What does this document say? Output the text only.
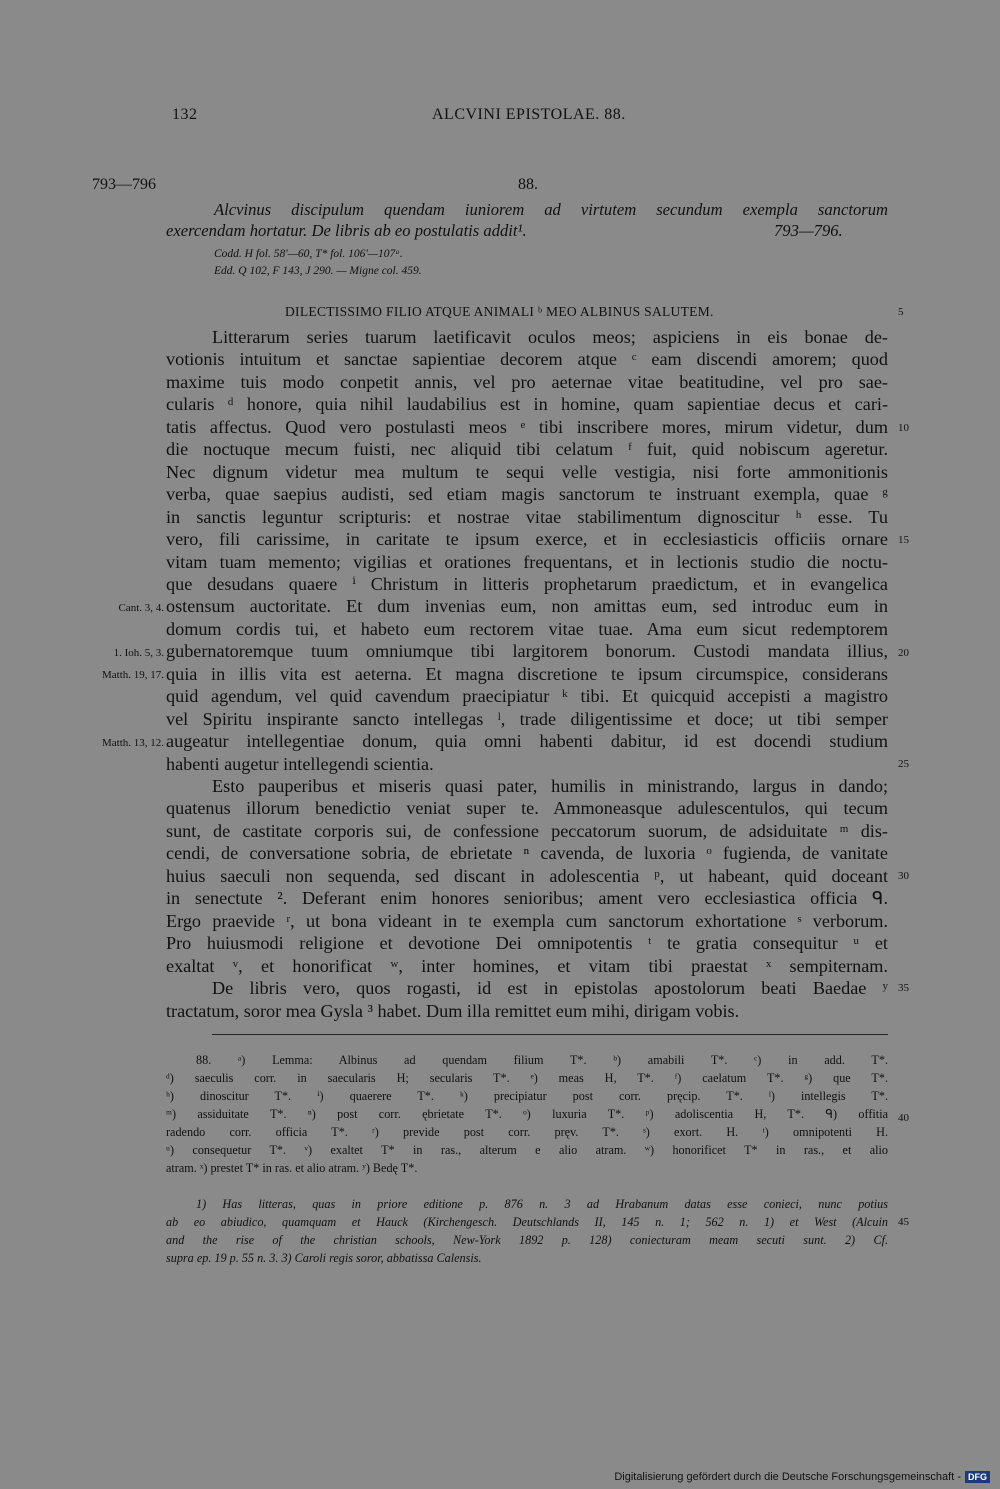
132	ALCVINI EPISTOLAE. 88.
793—796	88.
Alcvinus discipulum quendam iuniorem ad virtutem secundum exempla sanctorum
exercendam hortatur. De libris ab eo postulatis addit¹.	793—796.
Codd. H fol. 58'—60, T* fol. 106'—107ᵃ.
Edd. Q 102, F 143, J 290. — Migne col. 459.
DILECTISSIMO FILIO ATQUE ANIMALI ᵇ MEO ALBINUS SALUTEM.
Litterarum series tuarum laetificavit oculos meos; aspiciens in eis bonae de-
votionis intuitum et sanctae sapientiae decorem atque ᶜ eam discendi amorem; quod
maxime tuis modo conpetit annis, vel pro aeternae vitae beatitudine, vel pro sae-
cularis ᵈ honore, quia nihil laudabilius est in homine, quam sapientiae decus et cari-
tatis affectus. Quod vero postulasti meos ᵉ tibi inscribere mores, mirum videtur, dum
die noctuque mecum fuisti, nec aliquid tibi celatum ᶠ fuit, quid nobiscum ageretur.
Nec dignum videtur mea multum te sequi velle vestigia, nisi forte ammonitionis
verba, quae saepius audisti, sed etiam magis sanctorum te instruant exempla, quae ᵍ
in sanctis leguntur scripturis: et nostrae vitae stabilimentum dignoscitur ʰ esse. Tu
vero, fili carissime, in caritate te ipsum exerce, et in ecclesiasticis officiis ornare
vitam tuam memento; vigilias et orationes frequentans, et in lectionis studio die noctu-
que desudans quaere ⁱ Christum in litteris prophetarum praedictum, et in evangelica
ostensum auctoritate. Et dum invenias eum, non amittas eum, sed introduc eum in
domum cordis tui, et habeto eum rectorem vitae tuae. Ama eum sicut redemptorem
gubernatoremque tuum omniumque tibi largitorem bonorum. Custodi mandata illius,
quia in illis vita est aeterna. Et magna discretione te ipsum circumspice, considerans
quid agendum, vel quid cavendum praecipiatur ᵏ tibi. Et quicquid accepisti a magistro
vel Spiritu inspirante sancto intellegas ˡ, trade diligentissime et doce; ut tibi semper
augeatur intellegentiae donum, quia omni habenti dabitur, id est docendi studium
habenti augetur intellegendi scientia.
Esto pauperibus et miseris quasi pater, humilis in ministrando, largus in dando;
quatenus illorum benedictio veniat super te. Ammoneasque adulescentulos, qui tecum
sunt, de castitate corporis sui, de confessione peccatorum suorum, de adsiduitate ᵐ dis-
cendi, de conversatione sobria, de ebrietate ⁿ cavenda, de luxoria ᵒ fugienda, de vanitate
huius saeculi non sequenda, sed discant in adolescentia ᵖ, ut habeant, quid doceant
in senectute ². Deferant enim honores senioribus; ament vero ecclesiastica officia ᑫ.
Ergo praevide ʳ, ut bona videant in te exempla cum sanctorum exhortatione ˢ verborum.
Pro huiusmodi religione et devotione Dei omnipotentis ᵗ te gratia consequitur ᵘ et
exaltat ᵛ, et honorificat ʷ, inter homines, et vitam tibi praestat ˣ sempiternam.
De libris vero, quos rogasti, id est in epistolas apostolorum beati Baedae ʸ
tractatum, soror mea Gysla ³ habet. Dum illa remittet eum mihi, dirigam vobis.
5
10
15
20
25
30
35
40
45
Cant. 3, 4.
1. Ioh. 5, 3.
Matth. 19, 17.
Matth. 13, 12.
88. ᵃ) Lemma: Albinus ad quendam filium T*. ᵇ) amabili T*. ᶜ) in add. T*.
ᵈ) saeculis corr. in saecularis H; secularis T*. ᵉ) meas H, T*. ᶠ) caelatum T*. ᵍ) que T*.
ʰ) dinoscitur T*. ⁱ) quaerere T*. ᵏ) precipiatur post corr. pręcip. T*. ˡ) intellegis T*.
ᵐ) assiduitate T*. ⁿ) post corr. ębrietate T*. ᵒ) luxuria T*. ᵖ) adoliscentia H, T*. ᑫ) offitia
radendo corr. officia T*. ʳ) previde post corr. pręv. T*. ˢ) exort. H. ᵗ) omnipotenti H.
ᵘ) consequetur T*. ᵛ) exaltet T* in ras., alterum e alio atram. ʷ) honorificet T* in ras., et alio
atram. ˣ) prestet T* in ras. et alio atram. ʸ) Bedę T*.
1) Has litteras, quas in priore editione p. 876 n. 3 ad Hrabanum datas esse conieci, nunc potius
ab eo abiudico, quamquam et Hauck (Kirchengesch. Deutschlands II, 145 n. 1; 562 n. 1) et West (Alcuin
and the rise of the christian schools, New-York 1892 p. 128) coniecturam meam secuti sunt. 2) Cf.
supra ep. 19 p. 55 n. 3. 3) Caroli regis soror, abbatissa Calensis.
Digitalisierung gefördert durch die Deutsche Forschungsgemeinschaft - DFG
